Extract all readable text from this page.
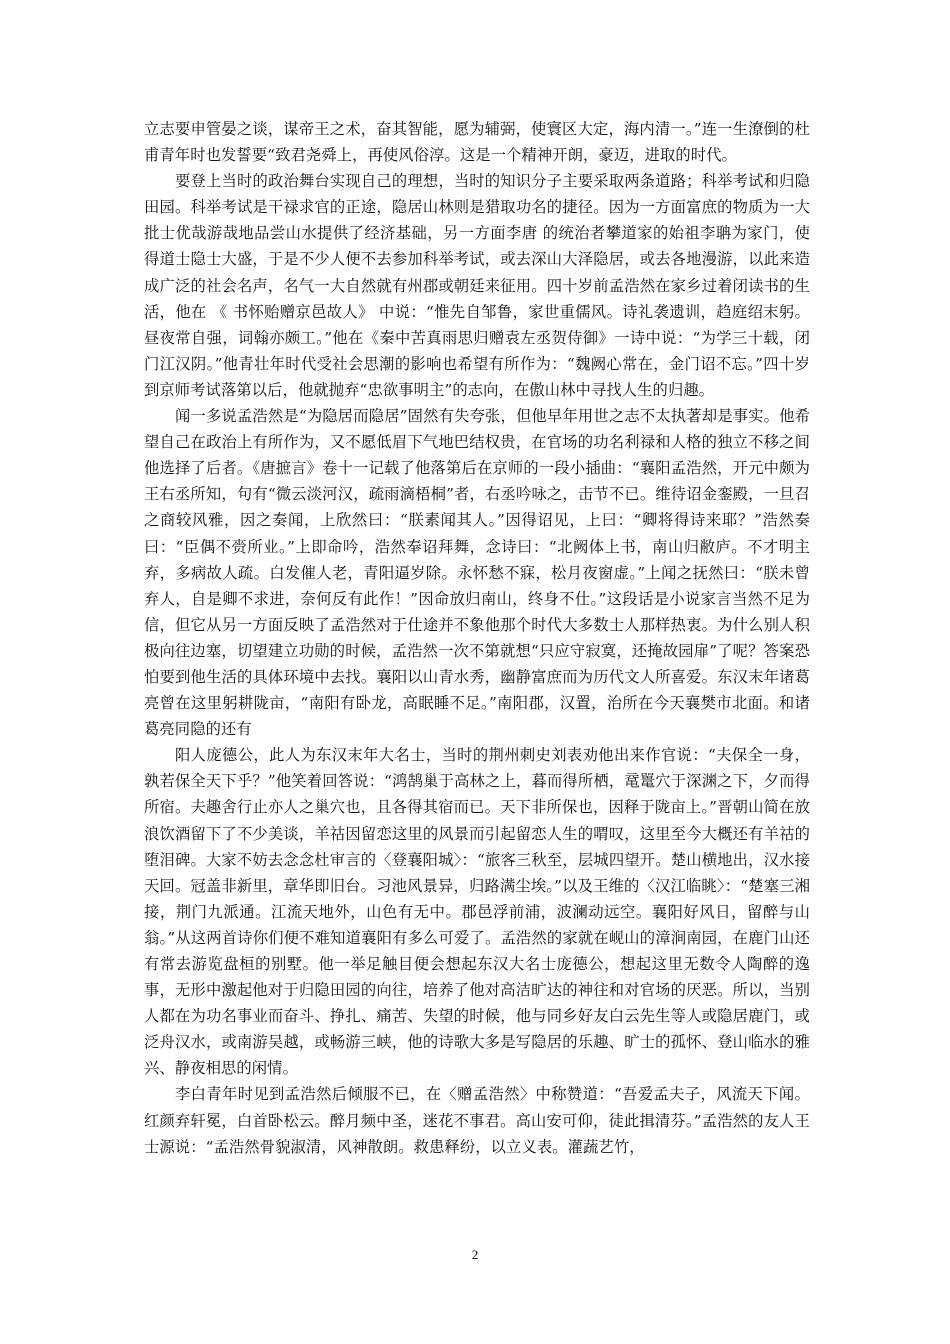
立志要申管晏之谈，谋帝王之术，奋其智能，愿为辅弼，使寰区大定，海内清一。”连一生潦倒的杜甫青年时也发誓要“致君尧舜上，再使风俗淳。这是一个精神开朗，豪迈，进取的时代。

要登上当时的政治舞台实现自己的理想，当时的知识分子主要采取两条道路；科举考试和归隐田园。科举考试是干禄求官的正途，隐居山林则是猎取功名的捷径。因为一方面富庶的物质为一大批士优哉游哉地品尝山水提供了经济基础，另一方面李唐 的统治者攀道家的始祖李聃为家门，使得道士隐士大盛，于是不少人便不去参加科举考试，或去深山大泽隐居，或去各地漫游，以此来造成广泛的社会名声，名气一大自然就有州郡或朝廷来征用。四十岁前孟浩然在家乡过着闭读书的生活，他在 《 书怀贻赠京邑故人》 中说：“惟先自邹鲁，家世重儒风。诗礼袭遗训，趋庭绍末躬。昼夜常自强，词翰亦颇工。”他在《秦中苦真雨思归赠袁左丞贺侍御》一诗中说：“为学三十载，闭门江汉阴。”他青壮年时代受社会思潮的影响也希望有所作为：“魏阙心常在，金门诏不忘。”四十岁到京师考试落第以后，他就抛弃“忠欲事明主”的志向，在傲山林中寻找人生的归趣。

闻一多说孟浩然是“为隐居而隐居”固然有失夸张，但他早年用世之志不太执著却是事实。他希望自己在政治上有所作为，又不愿低眉下气地巴结权贵，在官场的功名利禄和人格的独立不移之间他选择了后者。《唐摭言》卷十一记载了他落第后在京师的一段小插曲：“襄阳孟浩然，开元中颇为王右丞所知，句有“微云淡河汉，疏雨滴梧桐”者，右丞吟咏之，击节不已。维待诏金銮殿，一旦召之商较风雅，因之奏闻，上欣然曰：“朕素闻其人。”因得诏见，上曰：“卿将得诗来耶？”浩然奏曰：“臣偶不赍所业。”上即命吟，浩然奉诏拜舞，念诗曰：“北阙体上书，南山归敝庐。不才明主弃，多病故人疏。白发催人老，青阳逼岁除。永怀愁不寐，松月夜窗虚。”上闻之抚然曰：“朕未曾弃人，自是卿不求进，奈何反有此作！”因命放归南山，终身不仕。”这段话是小说家言当然不足为信，但它从另一方面反映了孟浩然对于仕途并不象他那个时代大多数士人那样热衷。为什么别人积极向往边塞，切望建立功勋的时候，孟浩然一次不第就想“只应守寂寞，还掩故园扉”了呢？答案恐怕要到他生活的具体环境中去找。襄阳以山青水秀，幽静富庶而为历代文人所喜爱。东汉末年诸葛亮曾在这里躬耕陇亩，“南阳有卧龙，高眠睡不足。”南阳郡，汉置，治所在今天襄樊市北面。和诸葛亮同隐的还有

阳人庞德公，此人为东汉末年大名士，当时的荆州刺史刘表劝他出来作官说：“夫保全一身，孰若保全天下乎？”他笑着回答说：“鸿鹄巢于高林之上，暮而得所栖，鼋鼍穴于深渊之下，夕而得所宿。夫趣舍行止亦人之巢穴也，且各得其宿而已。天下非所保也，因释于陇亩上。”晋朝山简在放浪饮酒留下了不少美谈，羊祜因留恋这里的风景而引起留恋人生的喟叹，这里至今大概还有羊祜的堕泪碑。大家不妨去念念杜审言的〈登襄阳城〉：“旅客三秋至，层城四望开。楚山横地出，汉水接天回。冠盖非新里，章华即旧台。习池风景异，归路满尘埃。”以及王维的〈汉江临眺〉：“楚塞三湘接，荆门九派通。江流天地外，山色有无中。郡邑浮前浦，波澜动远空。襄阳好风日，留醉与山翁。”从这两首诗你们便不难知道襄阳有多么可爱了。孟浩然的家就在岘山的漳涧南园，在鹿门山还有常去游览盘桓的别墅。他一举足触目便会想起东汉大名士庞德公，想起这里无数令人陶醉的逸事，无形中激起他对于归隐田园的向往，培养了他对高洁旷达的神往和对官场的厌恶。所以，当别人都在为功名事业而奋斗、挣扎、痛苦、失望的时候，他与同乡好友白云先生等人或隐居鹿门，或泛舟汉水，或南游吴越，或畅游三峡，他的诗歌大多是写隐居的乐趣、旷士的孤怀、登山临水的雅兴、静夜相思的闲情。

李白青年时见到孟浩然后倾服不已，在〈赠孟浩然〉中称赞道：“吾爱孟夫子，风流天下闻。红颜弃轩冕，白首卧松云。醉月频中圣，迷花不事君。高山安可仰，徒此揖清芬。”孟浩然的友人王士源说：“孟浩然骨貌淑清，风神散朗。救患释纷，以立义表。灌蔬艺竹，

2
